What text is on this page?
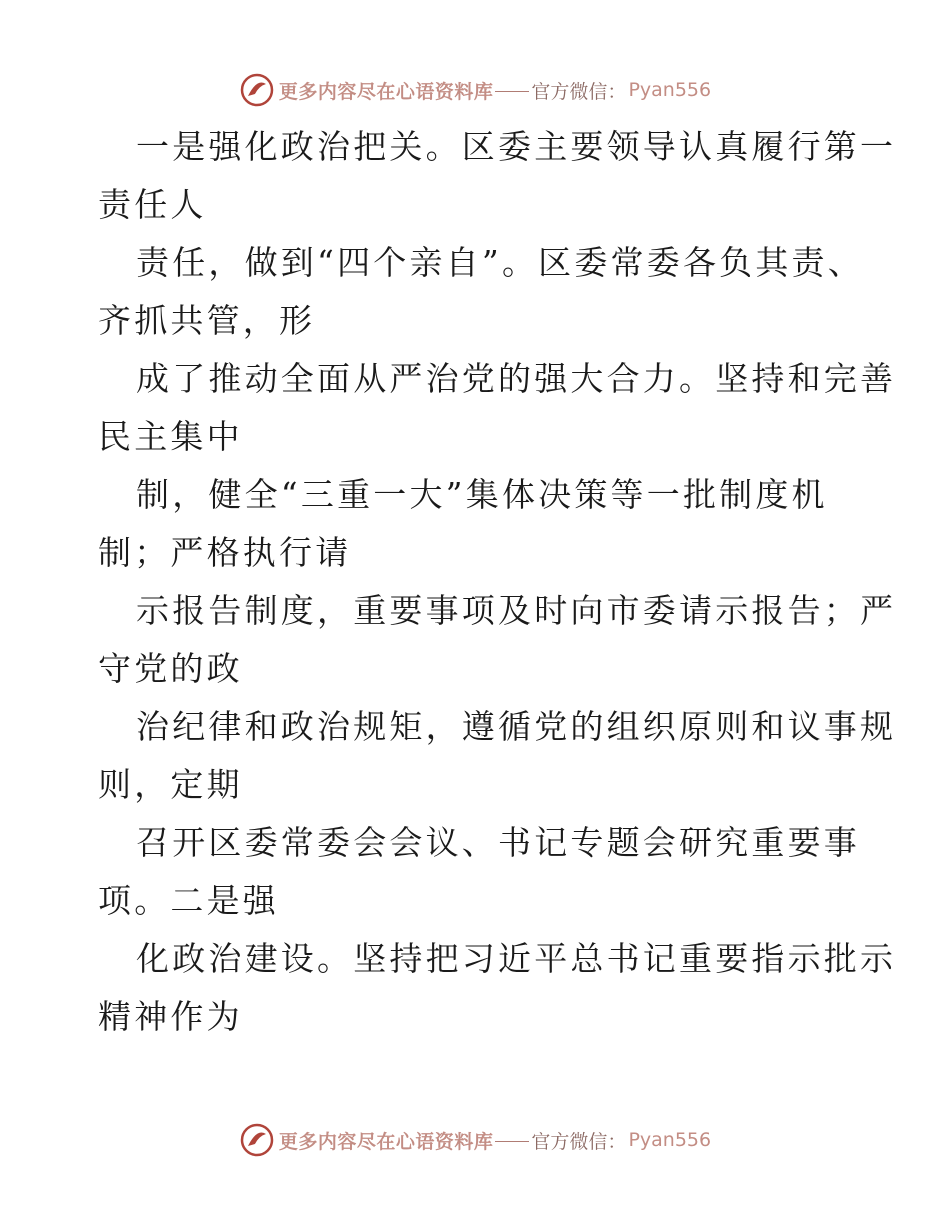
更多内容尽在心语资料库 官方微信： Pyan556
一是强化政治把关。区委主要领导认真履行第一
责任人
责任，做到“四个亲自”。区委常委各负其责、
齐抓共管，形
成了推动全面从严治党的强大合力。坚持和完善
民主集中
制，健全“三重一大”集体决策等一批制度机
制；严格执行请
示报告制度，重要事项及时向市委请示报告；严
守党的政
治纪律和政治规矩，遵循党的组织原则和议事规
则，定期
召开区委常委会会议、书记专题会研究重要事
项。二是强
化政治建设。坚持把习近平总书记重要指示批示
精神作为
更多内容尽在心语资料库 官方微信： Pyan556
